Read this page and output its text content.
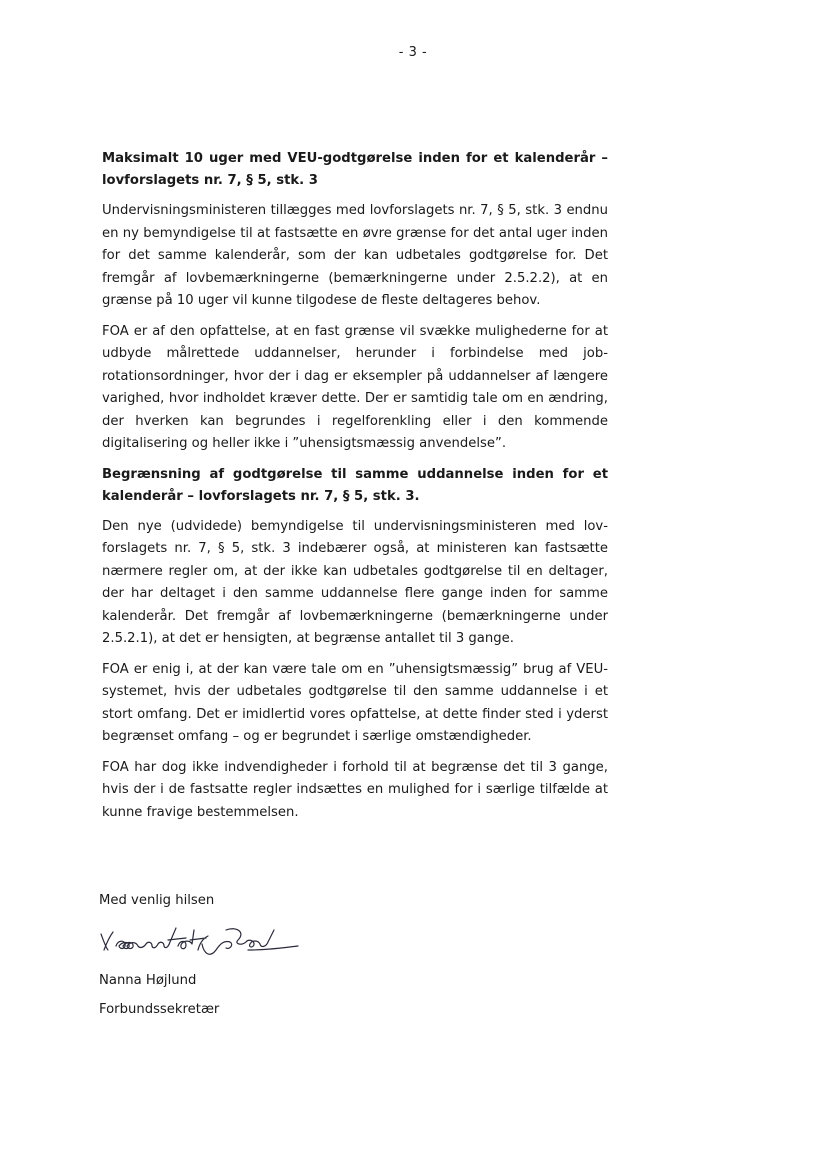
- 3 -
Maksimalt 10 uger med VEU-godtgørelse inden for et kalenderår – lovforslagets nr. 7, § 5, stk. 3

Undervisningsministeren tillægges med lovforslagets nr. 7, § 5, stk. 3 endnu en ny bemyndigelse til at fastsætte en øvre grænse for det antal uger inden for det samme kalenderår, som der kan udbetales godtgørelse for. Det fremgår af lovbemærkningerne (bemærkningerne under 2.5.2.2), at en grænse på 10 uger vil kunne tilgodese de fleste deltageres behov.

FOA er af den opfattelse, at en fast grænse vil svække mulighederne for at udbyde målrettede uddannelser, herunder i forbindelse med jobrotationsordninger, hvor der i dag er eksempler på uddannelser af længere varighed, hvor indholdet kræver dette. Der er samtidig tale om en ændring, der hverken kan begrundes i regelforenkling eller i den kommende digitalisering og heller ikke i ”uhensigtsmæssig anvendelse”.

Begrænsning af godtgørelse til samme uddannelse inden for et kalenderår – lovforslagets nr. 7, § 5, stk. 3.

Den nye (udvidede) bemyndigelse til undervisningsministeren med lovforslagets nr. 7, § 5, stk. 3 indebærer også, at ministeren kan fastsætte nærmere regler om, at der ikke kan udbetales godtgørelse til en deltager, der har deltaget i den samme uddannelse flere gange inden for samme kalenderår. Det fremgår af lovbemærkningerne (bemærkningerne under 2.5.2.1), at det er hensigten, at begrænse antallet til 3 gange.

FOA er enig i, at der kan være tale om en ”uhensigtsmæssig” brug af VEU-systemet, hvis der udbetales godtgørelse til den samme uddannelse i et stort omfang. Det er imidlertid vores opfattelse, at dette finder sted i yderst begrænset omfang – og er begrundet i særlige omstændigheder.

FOA har dog ikke indvendigheder i forhold til at begrænse det til 3 gange, hvis der i de fastsatte regler indsættes en mulighed for i særlige tilfælde at kunne fravige bestemmelsen.

Med venlig hilsen
Nanna Højlund
Forbundssekretær
